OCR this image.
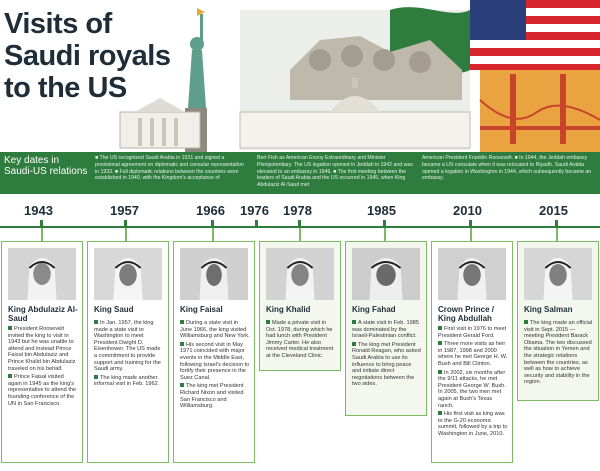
Visits of
Saudi royals
to the US
Key dates in Saudi-US relations
■ The US recognized Saudi Arabia in 1931 and signed a provisional agreement on diplomatic and consular representation in 1933. ■ Full diplomatic relations between the countries were established in 1940, with the Kingdom's acceptance of
Bert Fish as American Envoy Extraordinary and Minister Plenipotentiary. The US legation opened in Jeddah in 1942 and was elevated to an embassy in 1949. ■ The first meeting between the leaders of Saudi Arabia and the US occurred in 1945, when King Abdulaziz Al-Saud met
American President Franklin Roosevelt. ■ In 1944, the Jeddah embassy became a US consulate when it was relocated to Riyadh. Saudi Arabia opened a legation in Washington in 1944, which subsequently became an embassy.
1943	1957	1966 1976 1978	1985	2010	2015
King Abdulaziz Al-Saud
President Roosevelt invited the king to visit in 1943 but he was unable to attend and instead Prince Faisal bin Abdulaziz and Prince Khalid bin Abdulaziz traveled on his behalf.
Prince Faisal visited again in 1945 as the king's representative to attend the founding conference of the UN in San Francisco.
King Saud
In Jan. 1957, the king made a state visit to Washington to meet President Dwight D. Eisenhower. The US made a commitment to provide support and training for the Saudi army.
The king made another informal visit in Feb. 1962.
King Faisal
During a state visit in June 1966, the king visited Williamsburg and New York.
His second visit in May 1971 coincided with major events in the Middle East, following Israel's decision to fortify their presence in the Suez Canal.
The king met President Richard Nixon and visited San Francisco and Williamsburg.
King Khalid
Made a private visit in Oct. 1978, during which he had lunch with President Jimmy Carter. He also received medical treatment at the Cleveland Clinic.
King Fahad
A state visit in Feb. 1985 was dominated by the Israeli-Palestinian conflict.
The king met President Ronald Reagan, who asked Saudi Arabia to use its influence to bring peace and initiate direct negotiations between the two sides.
Crown Prince / King Abdullah
First visit in 1976 to meet President Gerald Ford.
Three more visits as heir in 1987, 1998 and 2000 where he met George H. W. Bush and Bill Clinton.
In 2002, six months after the 9/11 attacks, he met President George W. Bush. In 2005, the two men met again at Bush's Texas ranch.
His first visit as king was to the G-20 economic summit, followed by a trip to Washington in June, 2010.
King Salman
The king made an official visit in Sept. 2015 — meeting President Barack Obama. The two discussed the situation in Yemen and the strategic relations between the countries, as well as how to achieve security and stability in the region.
